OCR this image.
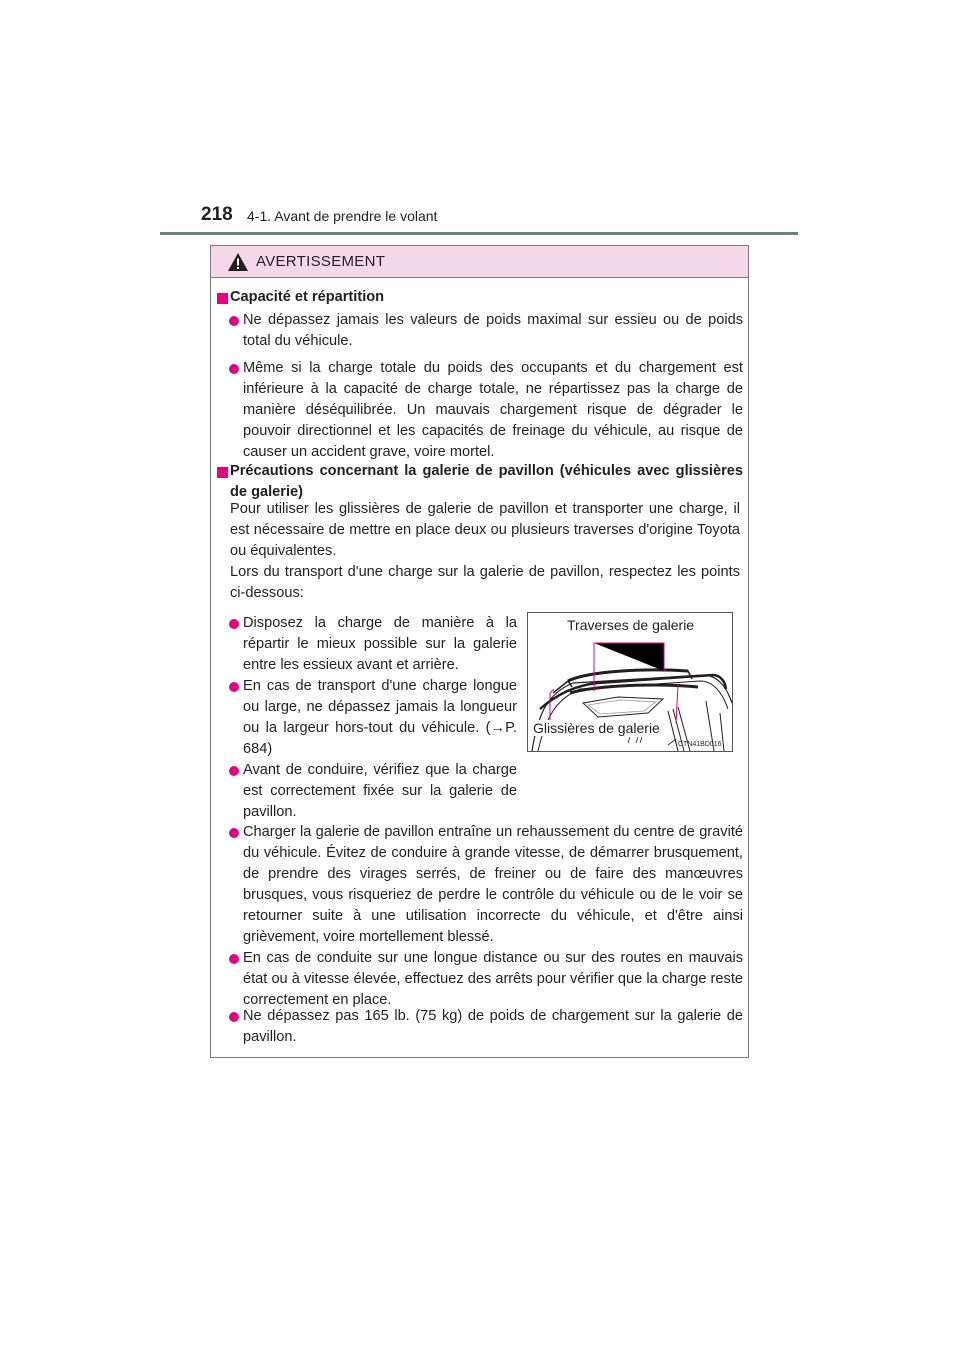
218 4-1. Avant de prendre le volant
AVERTISSEMENT
Capacité et répartition
Ne dépassez jamais les valeurs de poids maximal sur essieu ou de poids total du véhicule.
Même si la charge totale du poids des occupants et du chargement est inférieure à la capacité de charge totale, ne répartissez pas la charge de manière déséquilibrée. Un mauvais chargement risque de dégrader le pouvoir directionnel et les capacités de freinage du véhicule, au risque de causer un accident grave, voire mortel.
Précautions concernant la galerie de pavillon (véhicules avec glissières de galerie)
Pour utiliser les glissières de galerie de pavillon et transporter une charge, il est nécessaire de mettre en place deux ou plusieurs traverses d'origine Toyota ou équivalentes.
Lors du transport d'une charge sur la galerie de pavillon, respectez les points ci-dessous:
Disposez la charge de manière à la répartir le mieux possible sur la galerie entre les essieux avant et arrière.
En cas de transport d'une charge longue ou large, ne dépassez jamais la longueur ou la largeur hors-tout du véhicule. (→P. 684)
Avant de conduire, vérifiez que la charge est correctement fixée sur la galerie de pavillon.
Charger la galerie de pavillon entraîne un rehaussement du centre de gravité du véhicule. Évitez de conduire à grande vitesse, de démarrer brusquement, de prendre des virages serrés, de freiner ou de faire des manœuvres brusques, vous risqueriez de perdre le contrôle du véhicule ou de le voir se retourner suite à une utilisation incorrecte du véhicule, et d'être ainsi grièvement, voire mortellement blessé.
En cas de conduite sur une longue distance ou sur des routes en mauvais état ou à vitesse élevée, effectuez des arrêts pour vérifier que la charge reste correctement en place.
Ne dépassez pas 165 lb. (75 kg) de poids de chargement sur la galerie de pavillon.
Traverses de galerie
Glissières de galerie
CTN41BD016
